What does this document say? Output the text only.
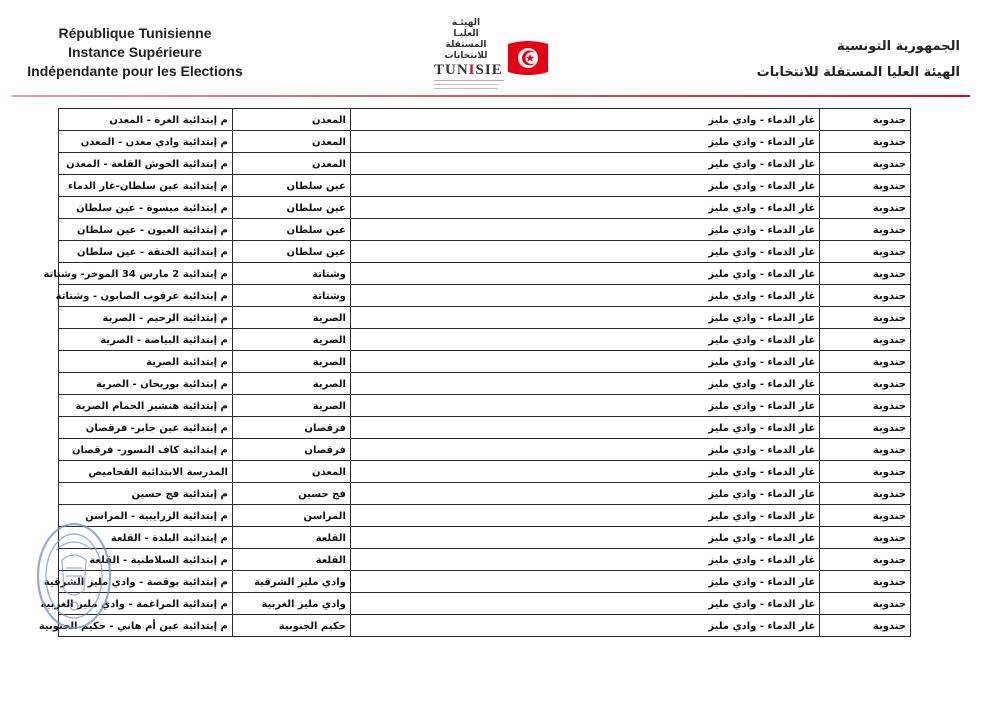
République Tunisienne
Instance Supérieure
Indépendante pour les Elections
الهيئـة
العليـا
المستقلة
للانتخابات
TUNISIE
الجمهورية التونسية
الهيئة العليا المستقلة للانتخابات
جندوبة	غار الدماء - وادي مليز		المعدن	م إبتدائية الغرة - المعدن
جندوبة	غار الدماء - وادي مليز		المعدن	م إبتدائية وادي معدن - المعدن
جندوبة	غار الدماء - وادي مليز		المعدن	م إبتدائية الحوش القلعة - المعدن
جندوبة	غار الدماء - وادي مليز		عين سلطان	م إبتدائية عين سلطان-غار الدماء
جندوبة	غار الدماء - وادي مليز		عين سلطان	م إبتدائية ميسوة - عين سلطان
جندوبة	غار الدماء - وادي مليز		عين سلطان	م إبتدائية العيون - عين سلطان
جندوبة	غار الدماء - وادي مليز		عين سلطان	م إبتدائية الخنقة - عين سلطان
جندوبة	غار الدماء - وادي مليز		وشتاتة	م إبتدائية 2 مارس 34 الموخر- وشتاتة
جندوبة	غار الدماء - وادي مليز		وشتاتة	م إبتدائية عرقوب الصابون - وشتاتة
جندوبة	غار الدماء - وادي مليز		الصرية	م إبتدائية الرحيم - الصرية
جندوبة	غار الدماء - وادي مليز		الصرية	م إبتدائية البياضة - الصرية
جندوبة	غار الدماء - وادي مليز		الصرية	م إبتدائية الصرية
جندوبة	غار الدماء - وادي مليز		الصرية	م إبتدائية بوريحان - الصرية
جندوبة	غار الدماء - وادي مليز		الصرية	م إبتدائية هنشير الحمام الصرية
جندوبة	غار الدماء - وادي مليز		فرقصان	م إبتدائية عين جابر- فرقصان
جندوبة	غار الدماء - وادي مليز		فرقصان	م إبتدائية كاف النسور- فرقصان
جندوبة	غار الدماء - وادي مليز		المعدن	المدرسة الابتدائية القحاميص
جندوبة	غار الدماء - وادي مليز		فج حسين	م إبتدائية فج حسين
جندوبة	غار الدماء - وادي مليز		المراسن	م إبتدائية الزرايبية - المراسن
جندوبة	غار الدماء - وادي مليز		القلعة	م إبتدائية البلدة - القلعة
جندوبة	غار الدماء - وادي مليز		القلعة	م إبتدائية السلاطنية - القلعة
جندوبة	غار الدماء - وادي مليز		وادي مليز الشرقية	م إبتدائية بوقصة - وادي مليز الشرقية
جندوبة	غار الدماء - وادي مليز		وادي مليز الغربية	م إبتدائية المراغمة - وادي مليز الغربية
جندوبة	غار الدماء - وادي مليز		حكيم الجنوبية	م إبتدائية عين أم هاني - حكيم الجنوبية
